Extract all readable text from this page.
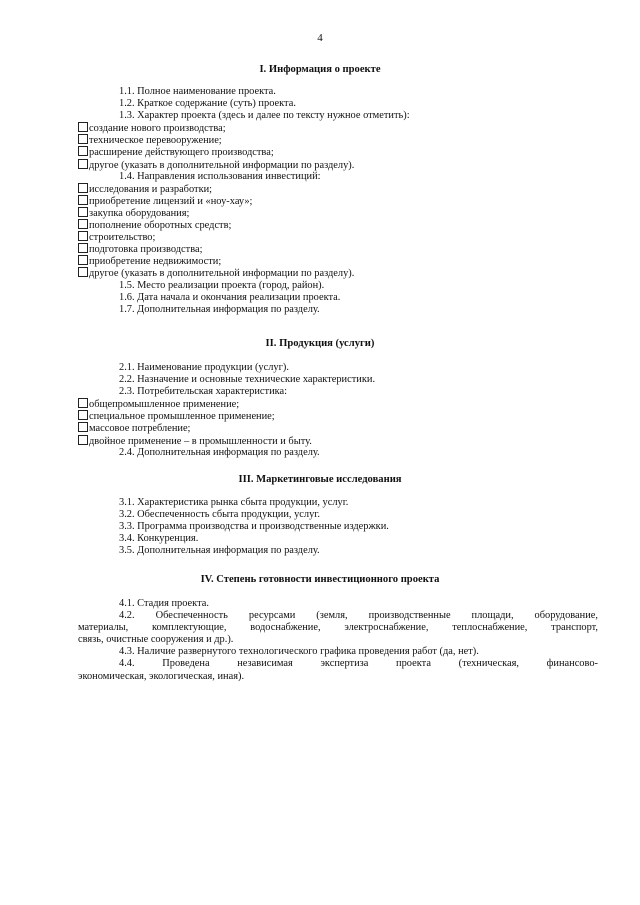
4
I. Информация о проекте
1.1. Полное наименование проекта.
1.2. Краткое содержание (суть) проекта.
1.3. Характер проекта (здесь и далее по тексту нужное отметить):
создание нового производства;
техническое перевооружение;
расширение действующего производства;
другое (указать в дополнительной информации по разделу).
1.4. Направления использования инвестиций:
исследования и разработки;
приобретение лицензий и «ноу-хау»;
закупка оборудования;
пополнение оборотных средств;
строительство;
подготовка производства;
приобретение недвижимости;
другое (указать в дополнительной информации по разделу).
1.5. Место реализации проекта (город, район).
1.6. Дата начала и окончания реализации проекта.
1.7. Дополнительная информация по разделу.
II. Продукция (услуги)
2.1. Наименование продукции (услуг).
2.2. Назначение и основные технические характеристики.
2.3. Потребительская характеристика:
общепромышленное применение;
специальное промышленное применение;
массовое потребление;
двойное применение – в промышленности и быту.
2.4. Дополнительная информация по разделу.
III. Маркетинговые исследования
3.1. Характеристика рынка сбыта продукции, услуг.
3.2. Обеспеченность сбыта продукции, услуг.
3.3. Программа производства и производственные издержки.
3.4. Конкуренция.
3.5. Дополнительная информация по разделу.
IV. Степень готовности инвестиционного проекта
4.1. Стадия проекта.
4.2. Обеспеченность ресурсами (земля, производственные площади, оборудование,
материалы, комплектующие, водоснабжение, электроснабжение, теплоснабжение, транспорт,
связь, очистные сооружения и др.).
4.3. Наличие развернутого технологического графика проведения работ (да, нет).
4.4. Проведена независимая экспертиза проекта (техническая, финансово-
экономическая, экологическая, иная).
